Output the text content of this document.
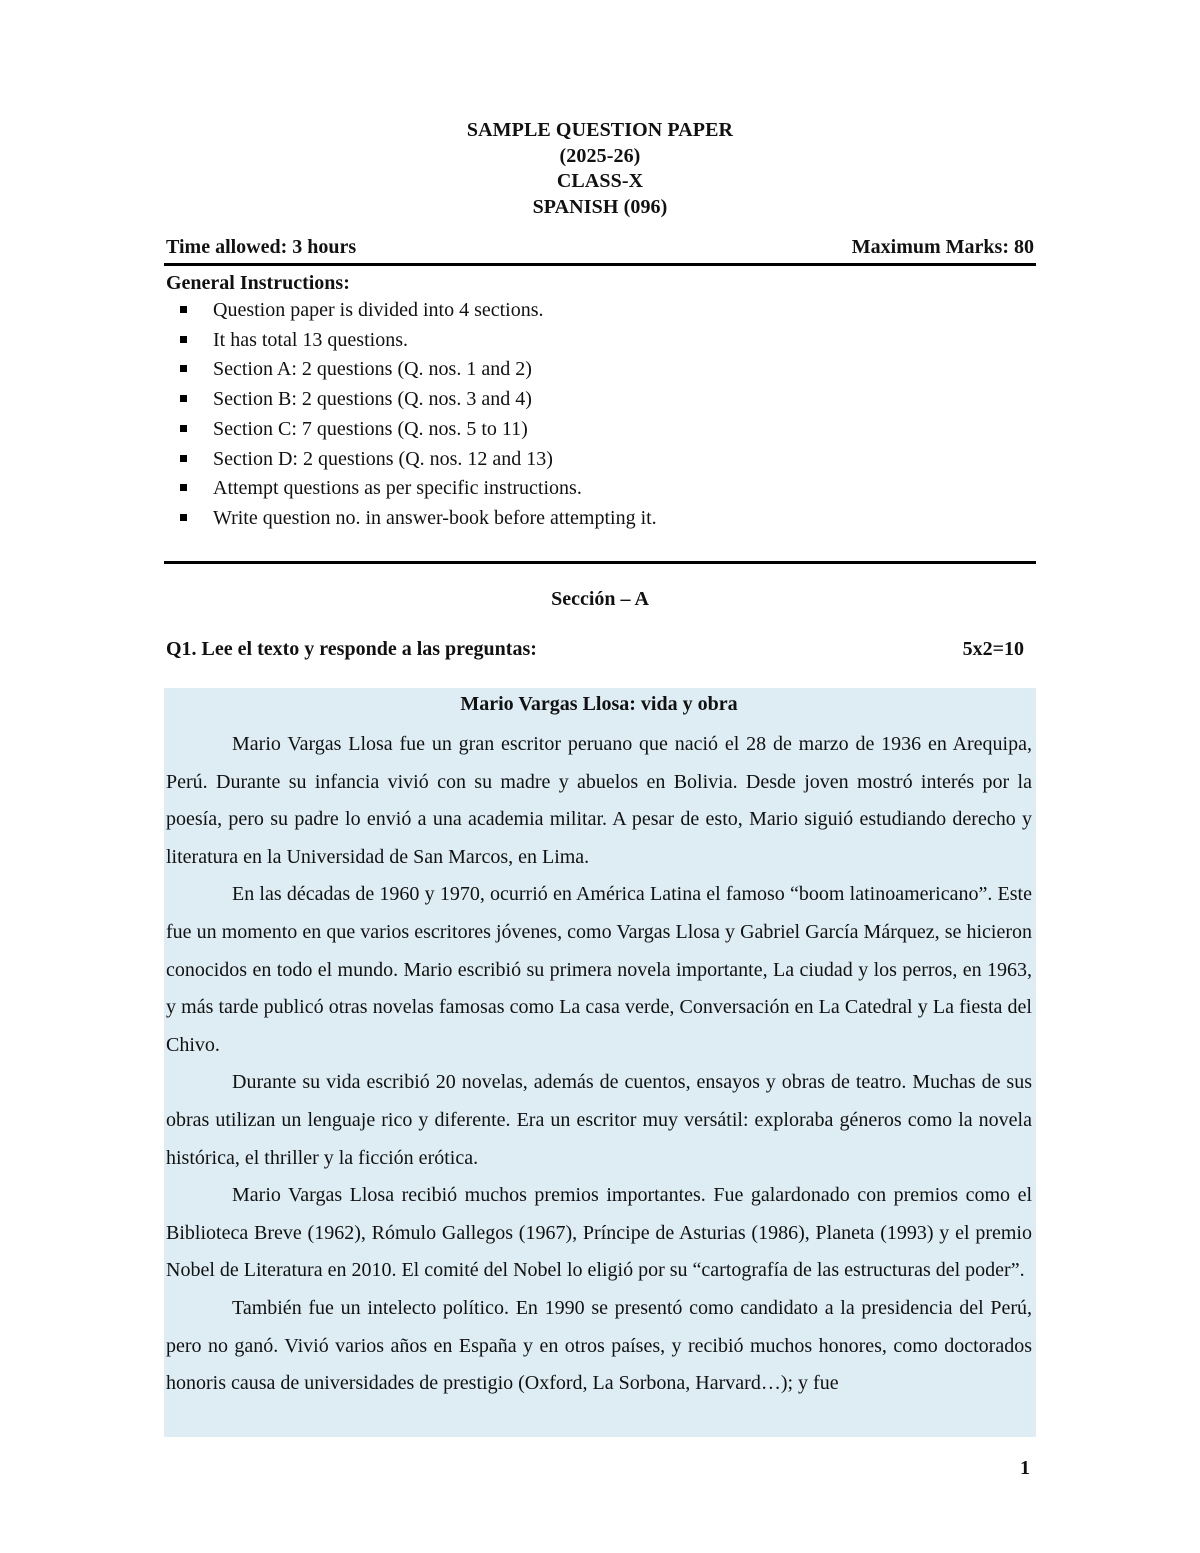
SAMPLE QUESTION PAPER
(2025-26)
CLASS-X
SPANISH (096)
Time allowed: 3 hours	Maximum Marks: 80
General Instructions:
Question paper is divided into 4 sections.
It has total 13 questions.
Section A: 2 questions (Q. nos. 1 and 2)
Section B: 2 questions (Q. nos. 3 and 4)
Section C: 7 questions (Q. nos. 5 to 11)
Section D: 2 questions (Q. nos. 12 and 13)
Attempt questions as per specific instructions.
Write question no. in answer-book before attempting it.
Sección – A
Q1. Lee el texto y responde a las preguntas:	5x2=10
Mario Vargas Llosa: vida y obra

Mario Vargas Llosa fue un gran escritor peruano que nació el 28 de marzo de 1936 en Arequipa, Perú. Durante su infancia vivió con su madre y abuelos en Bolivia. Desde joven mostró interés por la poesía, pero su padre lo envió a una academia militar. A pesar de esto, Mario siguió estudiando derecho y literatura en la Universidad de San Marcos, en Lima.

En las décadas de 1960 y 1970, ocurrió en América Latina el famoso “boom latinoamericano”. Este fue un momento en que varios escritores jóvenes, como Vargas Llosa y Gabriel García Márquez, se hicieron conocidos en todo el mundo. Mario escribió su primera novela importante, La ciudad y los perros, en 1963, y más tarde publicó otras novelas famosas como La casa verde, Conversación en La Catedral y La fiesta del Chivo.

Durante su vida escribió 20 novelas, además de cuentos, ensayos y obras de teatro. Muchas de sus obras utilizan un lenguaje rico y diferente. Era un escritor muy versátil: exploraba géneros como la novela histórica, el thriller y la ficción erótica.

Mario Vargas Llosa recibió muchos premios importantes. Fue galardonado con premios como el Biblioteca Breve (1962), Rómulo Gallegos (1967), Príncipe de Asturias (1986), Planeta (1993) y el premio Nobel de Literatura en 2010. El comité del Nobel lo eligió por su “cartografía de las estructuras del poder”.

También fue un intelecto político. En 1990 se presentó como candidato a la presidencia del Perú, pero no ganó. Vivió varios años en España y en otros países, y recibió muchos honores, como doctorados honoris causa de universidades de prestigio (Oxford, La Sorbona, Harvard…); y fue

1
